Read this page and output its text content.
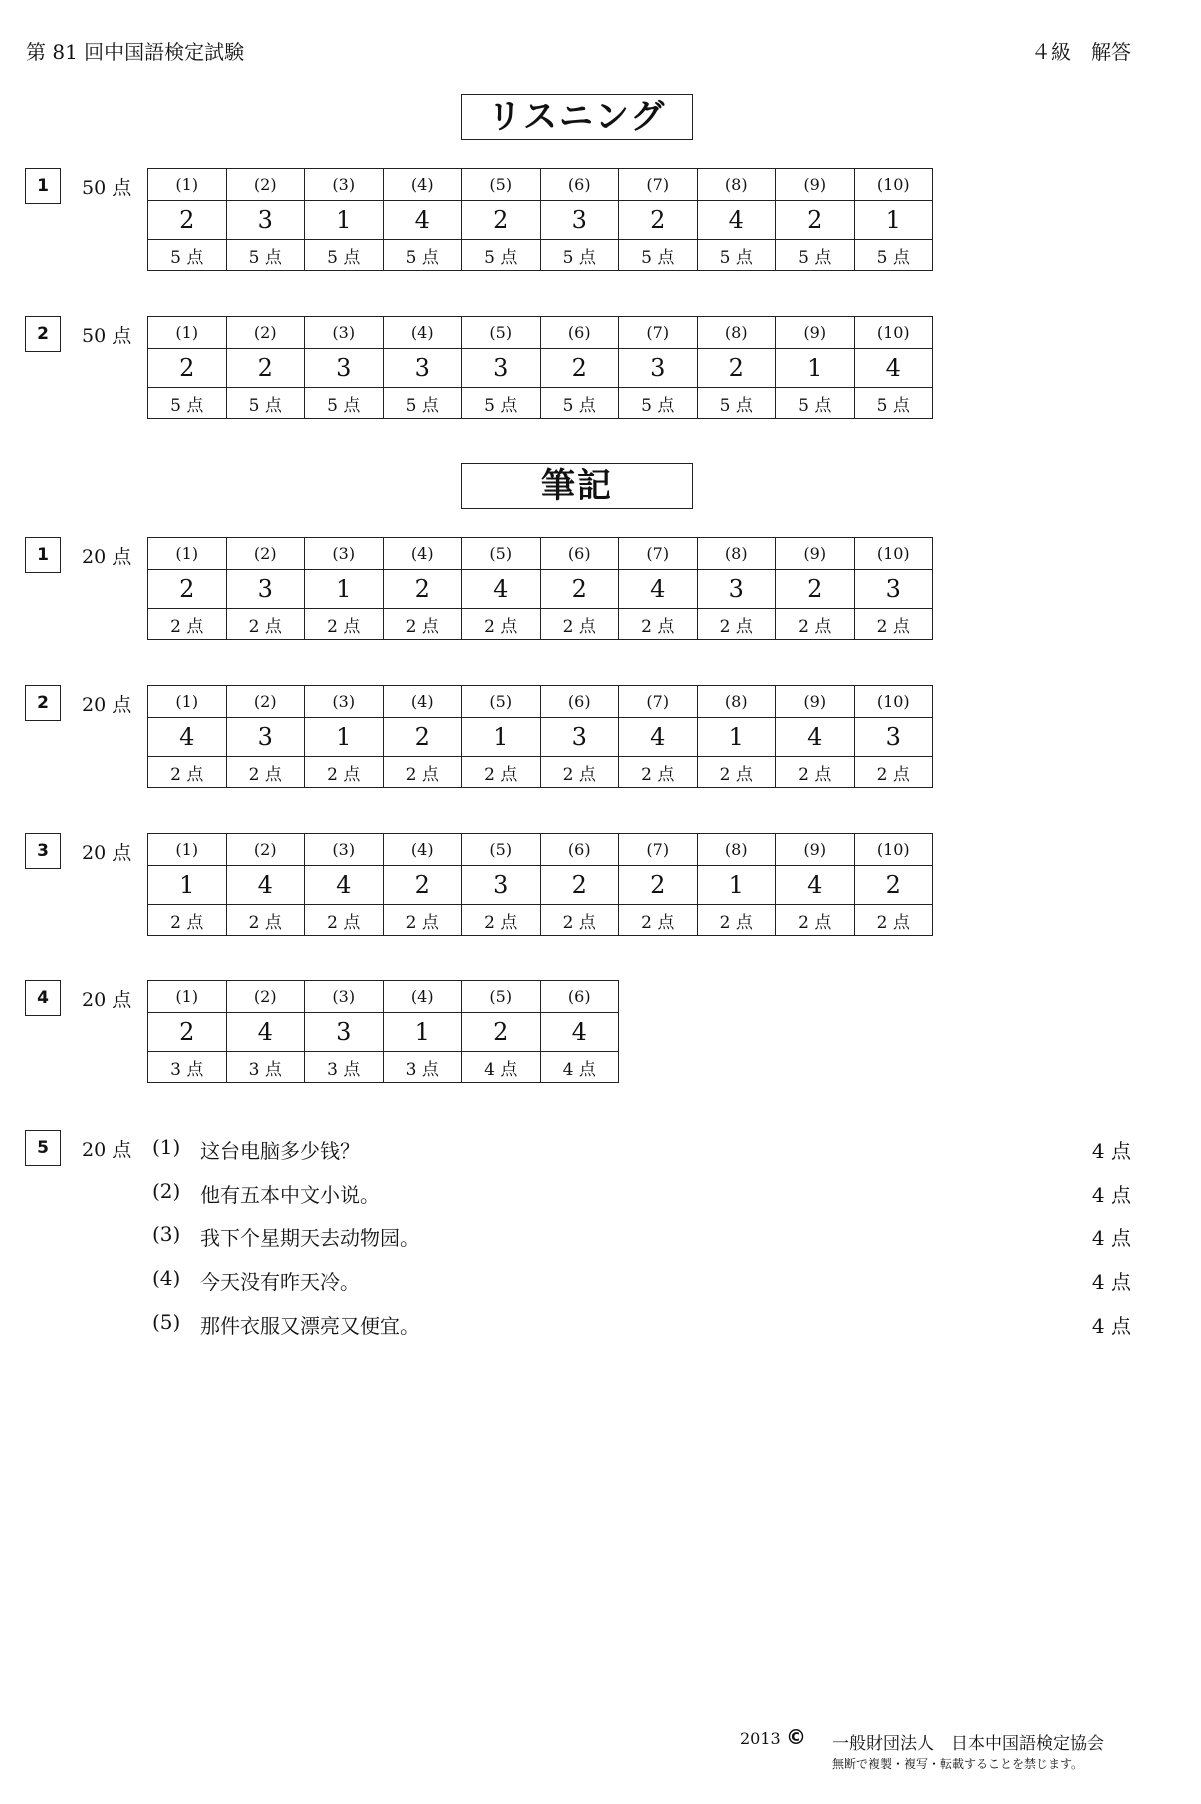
第 81 回中国語検定試験	４級　解答
リスニング
筆記
1	50 点	(1)	(2)	(3)	(4)	(5)	(6)	(7)	(8)	(9)	(10)
2	3	1	4	2	3	2	4	2	1
5 点	5 点	5 点	5 点	5 点	5 点	5 点	5 点	5 点	5 点
2	50 点	(1)	(2)	(3)	(4)	(5)	(6)	(7)	(8)	(9)	(10)
2	2	3	3	3	2	3	2	1	4
5 点	5 点	5 点	5 点	5 点	5 点	5 点	5 点	5 点	5 点
1	20 点	(1)	(2)	(3)	(4)	(5)	(6)	(7)	(8)	(9)	(10)
2	3	1	2	4	2	4	3	2	3
2 点	2 点	2 点	2 点	2 点	2 点	2 点	2 点	2 点	2 点
2	20 点	(1)	(2)	(3)	(4)	(5)	(6)	(7)	(8)	(9)	(10)
4	3	1	2	1	3	4	1	4	3
2 点	2 点	2 点	2 点	2 点	2 点	2 点	2 点	2 点	2 点
3	20 点	(1)	(2)	(3)	(4)	(5)	(6)	(7)	(8)	(9)	(10)
1	4	4	2	3	2	2	1	4	2
2 点	2 点	2 点	2 点	2 点	2 点	2 点	2 点	2 点	2 点
4	20 点	(1)	(2)	(3)	(4)	(5)	(6)
2	4	3	1	2	4
3 点	3 点	3 点	3 点	4 点	4 点
5	20 点 (1) 这台电脑多少钱？	4 点
(2) 他有五本中文小说。	4 点
(3) 我下个星期天去动物园。	4 点
(4) 今天没有昨天冷。	4 点
(5) 那件衣服又漂亮又便宜。	4 点
2013 © 一般財団法人　日本中国語検定協会
無断で複製・複写・転載することを禁じます。
